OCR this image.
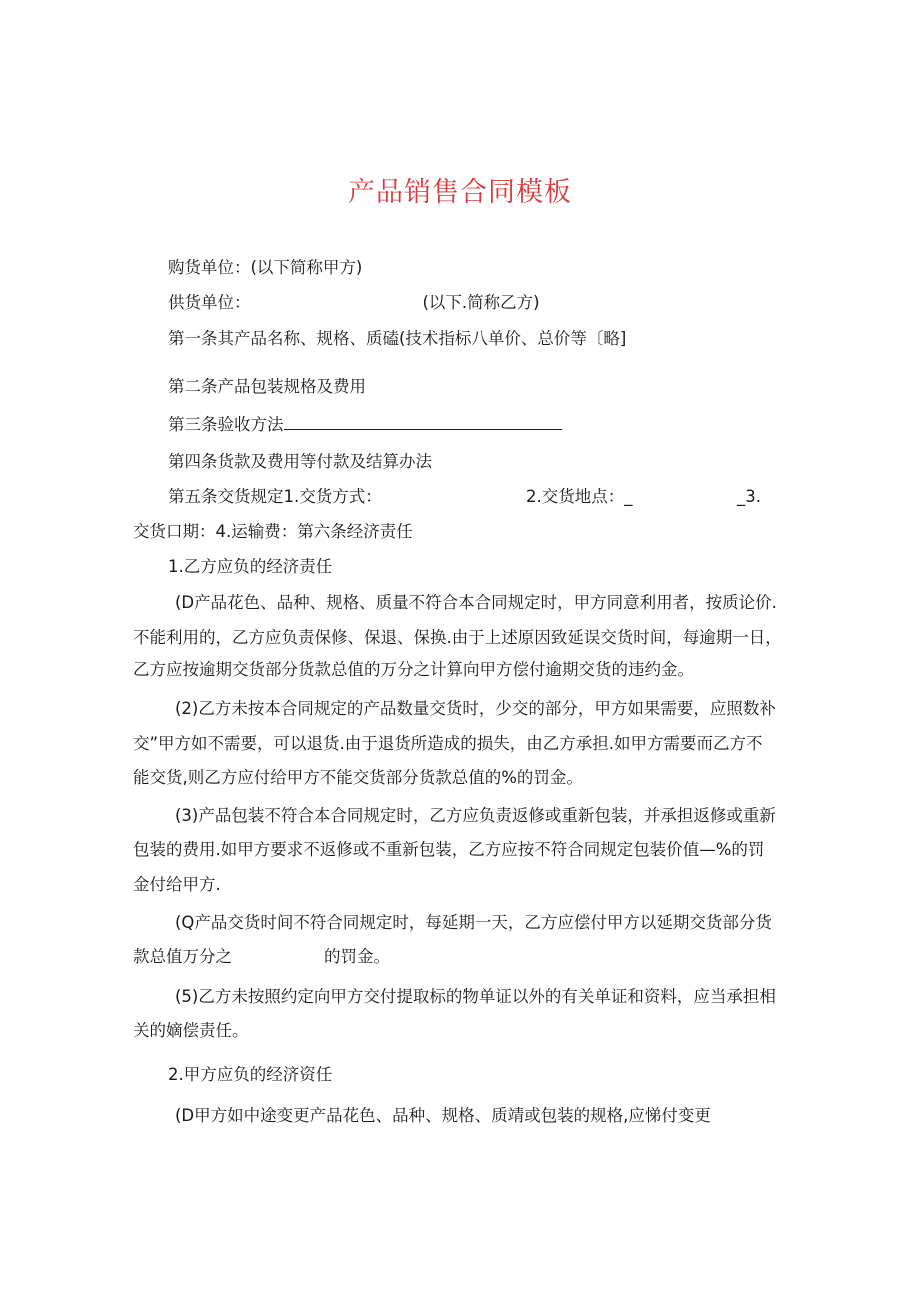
产品销售合同模板

购货单位：(以下简称甲方)

供货单位：	(以下.简称乙方)

第一条其产品名称、规格、质磕(技术指标八单价、总价等〔略]

第二条产品包装规格及费用

第三条验收方法

第四条货款及费用等付款及结算办法

第五条交货规定1.交货方式：	2.交货地点：_	_3.

交货口期：4.运输费：第六条经济责任

1.乙方应负的经济责任

(D产品花色、品种、规格、质量不符合本合同规定时，甲方同意利用者，按质论价.

不能利用的，乙方应负责保修、保退、保换.由于上述原因致延误交货时间，每逾期一日，

乙方应按逾期交货部分货款总值的万分之计算向甲方偿付逾期交货的违约金。

(2)乙方未按本合同规定的产品数量交货时，少交的部分，甲方如果需要，应照数补

交”甲方如不需要，可以退货.由于退货所造成的损失，由乙方承担.如甲方需要而乙方不

能交货,则乙方应付给甲方不能交货部分货款总值的%的罚金。

(3)产品包装不符合本合同规定时，乙方应负责返修或重新包装，并承担返修或重新

包装的费用.如甲方要求不返修或不重新包装，乙方应按不符合同规定包装价值—%的罚

金付给甲方.

(Q产品交货时间不符合同规定时，每延期一天，乙方应偿付甲方以延期交货部分货

款总值万分之	的罚金。

(5)乙方未按照约定向甲方交付提取标的物单证以外的有关单证和资料，应当承担相

关的嫡偿责任。

2.甲方应负的经济资任

(D甲方如中途变更产品花色、品种、规格、质靖或包装的规格,应悌付变更
